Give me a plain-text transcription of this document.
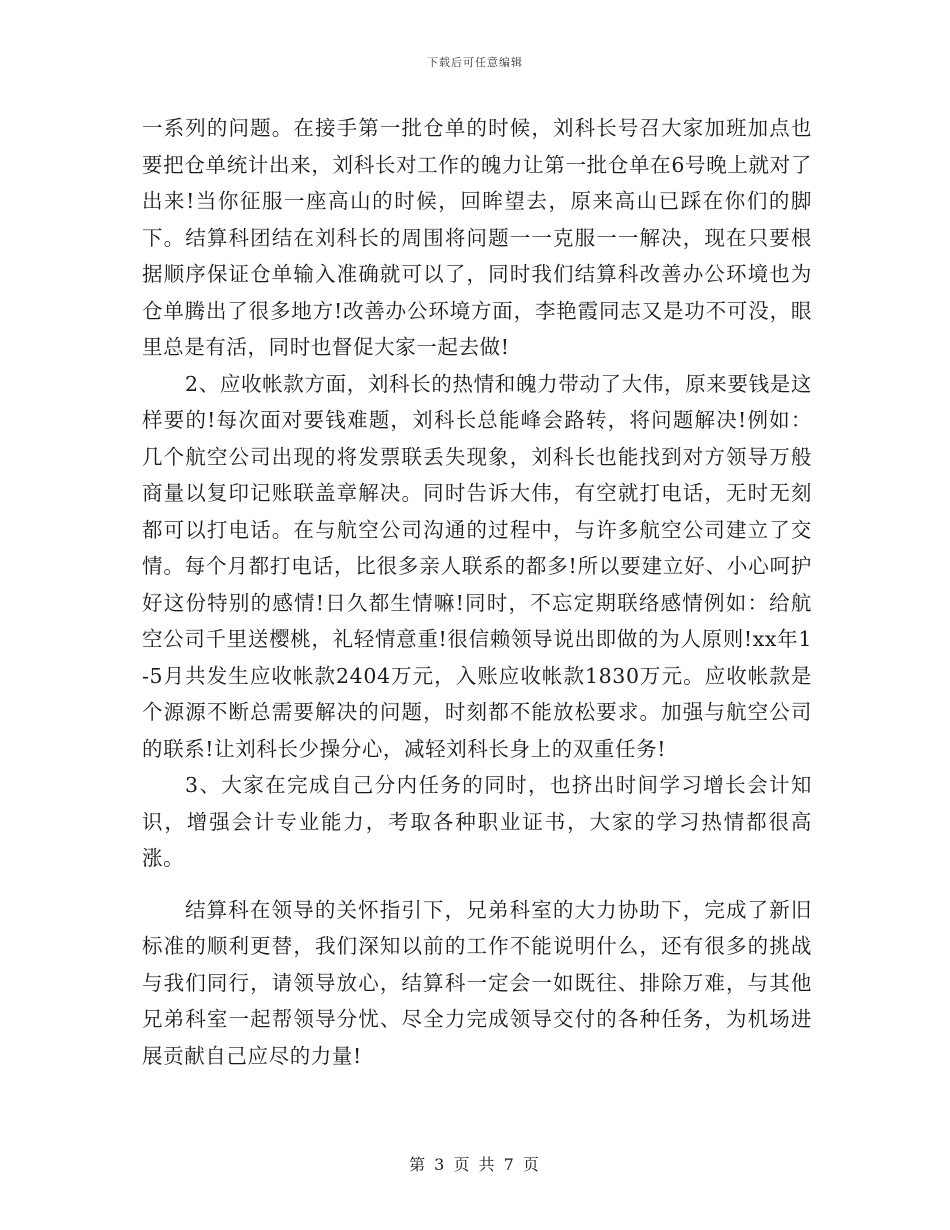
下载后可任意编辑

一系列的问题。在接手第一批仓单的时候，刘科长号召大家加班加点也要把仓单统计出来，刘科长对工作的魄力让第一批仓单在6号晚上就对了出来!当你征服一座高山的时候，回眸望去，原来高山已踩在你们的脚下。结算科团结在刘科长的周围将问题一一克服一一解决，现在只要根据顺序保证仓单输入准确就可以了，同时我们结算科改善办公环境也为仓单腾出了很多地方!改善办公环境方面，李艳霞同志又是功不可没，眼里总是有活，同时也督促大家一起去做!

2、应收帐款方面，刘科长的热情和魄力带动了大伟，原来要钱是这样要的!每次面对要钱难题，刘科长总能峰会路转，将问题解决!例如：几个航空公司出现的将发票联丢失现象，刘科长也能找到对方领导万般商量以复印记账联盖章解决。同时告诉大伟，有空就打电话，无时无刻都可以打电话。在与航空公司沟通的过程中，与许多航空公司建立了交情。每个月都打电话，比很多亲人联系的都多!所以要建立好、小心呵护好这份特别的感情!日久都生情嘛!同时，不忘定期联络感情例如：给航空公司千里送樱桃，礼轻情意重!很信赖领导说出即做的为人原则!xx年1-5月共发生应收帐款2404万元，入账应收帐款1830万元。应收帐款是个源源不断总需要解决的问题，时刻都不能放松要求。加强与航空公司的联系!让刘科长少操分心，减轻刘科长身上的双重任务!

3、大家在完成自己分内任务的同时，也挤出时间学习增长会计知识，增强会计专业能力，考取各种职业证书，大家的学习热情都很高涨。

结算科在领导的关怀指引下，兄弟科室的大力协助下，完成了新旧标准的顺利更替，我们深知以前的工作不能说明什么，还有很多的挑战与我们同行，请领导放心，结算科一定会一如既往、排除万难，与其他兄弟科室一起帮领导分忧、尽全力完成领导交付的各种任务，为机场进展贡献自己应尽的力量!

第 3 页 共 7 页
